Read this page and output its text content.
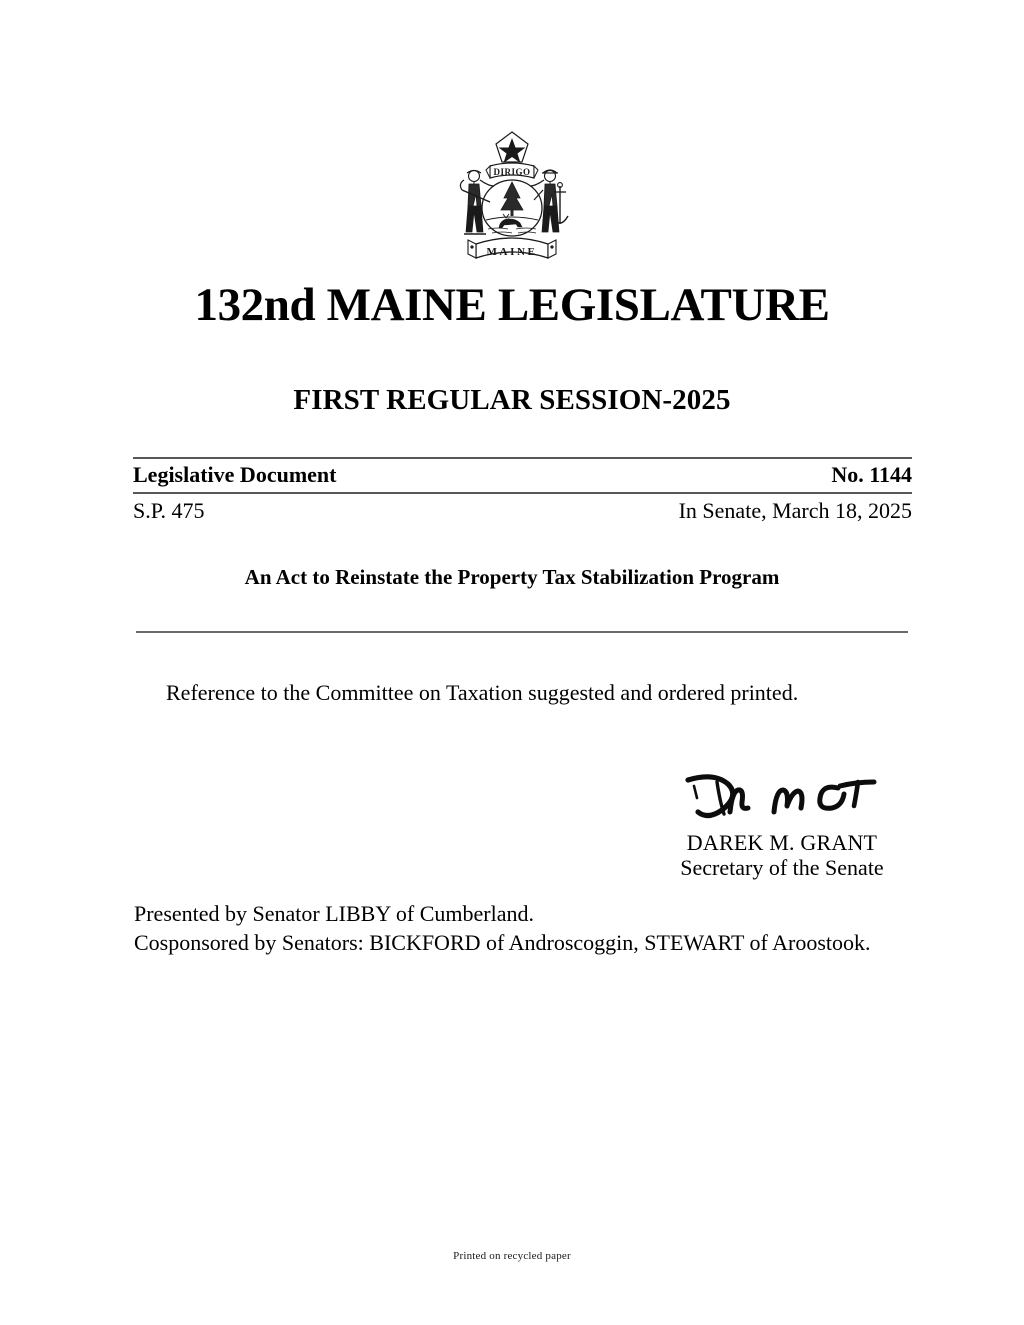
DIRIGO
MAINE
132nd MAINE LEGISLATURE
FIRST REGULAR SESSION-2025
Legislative Document	No. 1144
S.P. 475	In Senate, March 18, 2025
An Act to Reinstate the Property Tax Stabilization Program
Reference to the Committee on Taxation suggested and ordered printed.
DAREK M. GRANT
Secretary of the Senate
Presented by Senator LIBBY of Cumberland.
Cosponsored by Senators: BICKFORD of Androscoggin, STEWART of Aroostook.
Printed on recycled paper
